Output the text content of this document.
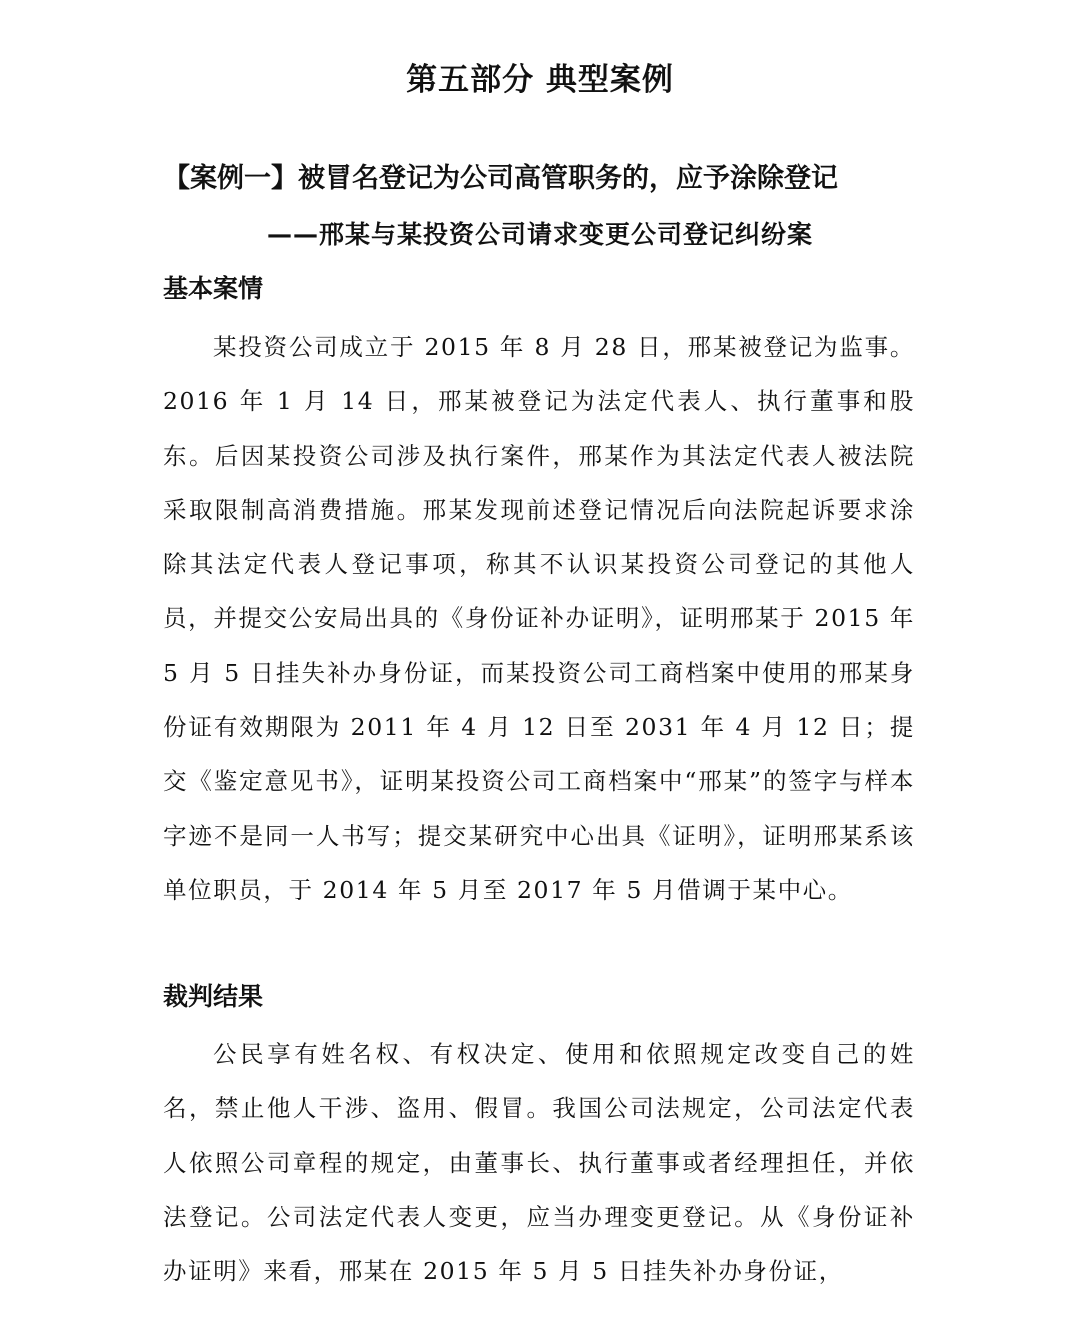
第五部分 典型案例
【案例一】被冒名登记为公司高管职务的，应予涂除登记
——邢某与某投资公司请求变更公司登记纠纷案
基本案情

某投资公司成立于 2015 年 8 月 28 日，邢某被登记为监事。2016 年 1 月 14 日，邢某被登记为法定代表人、执行董事和股东。后因某投资公司涉及执行案件，邢某作为其法定代表人被法院采取限制高消费措施。邢某发现前述登记情况后向法院起诉要求涂除其法定代表人登记事项，称其不认识某投资公司登记的其他人员，并提交公安局出具的《身份证补办证明》，证明邢某于 2015 年 5 月 5 日挂失补办身份证，而某投资公司工商档案中使用的邢某身份证有效期限为 2011 年 4 月 12 日至 2031 年 4 月 12 日；提交《鉴定意见书》，证明某投资公司工商档案中“邢某”的签字与样本字迹不是同一人书写；提交某研究中心出具《证明》，证明邢某系该单位职员，于 2014 年 5 月至 2017 年 5 月借调于某中心。

裁判结果

公民享有姓名权、有权决定、使用和依照规定改变自己的姓名，禁止他人干涉、盗用、假冒。我国公司法规定，公司法定代表人依照公司章程的规定，由董事长、执行董事或者经理担任，并依法登记。公司法定代表人变更，应当办理变更登记。从《身份证补办证明》来看，邢某在 2015 年 5 月 5 日挂失补办身份证，
